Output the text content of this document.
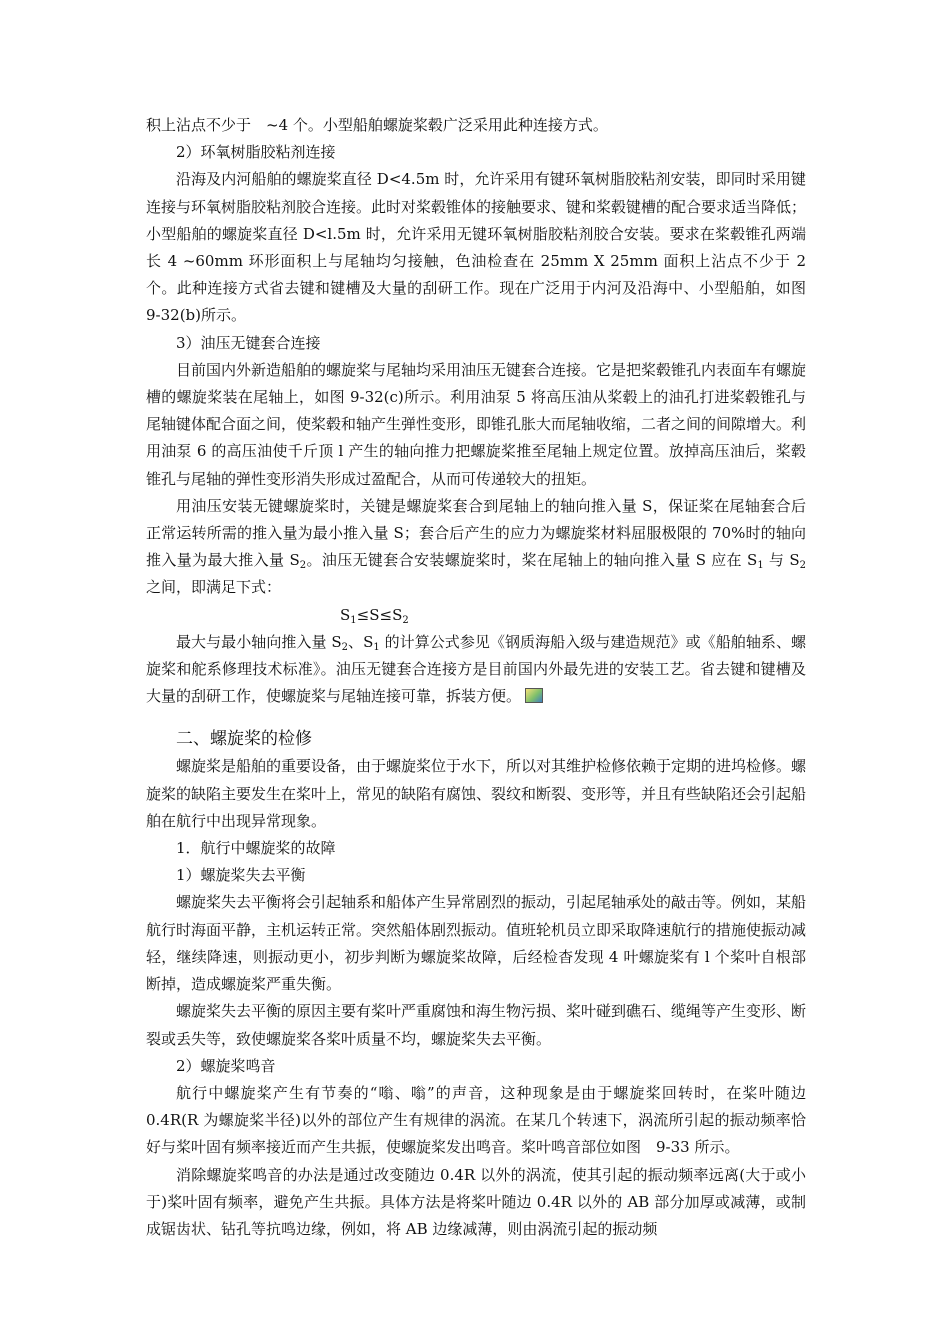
积上沾点不少于　~4 个。小型船舶螺旋桨毂广泛采用此种连接方式。

2）环氧树脂胶粘剂连接

沿海及内河船舶的螺旋桨直径 D<4.5m 时，允许采用有键环氧树脂胶粘剂安装，即同时采用键连接与环氧树脂胶粘剂胶合连接。此时对桨毂锥体的接触要求、键和桨毂键槽的配合要求适当降低；小型船舶的螺旋桨直径 D<l.5m 时，允许采用无键环氧树脂胶粘剂胶合安装。要求在桨毂锥孔两端长 4 ~60mm 环形面积上与尾轴均匀接触，色油检查在 25mm X 25mm 面积上沾点不少于 2 个。此种连接方式省去键和键槽及大量的刮研工作。现在广泛用于内河及沿海中、小型船舶，如图 9-32(b)所示。

3）油压无键套合连接

目前国内外新造船舶的螺旋桨与尾轴均采用油压无键套合连接。它是把桨毂锥孔内表面车有螺旋槽的螺旋桨装在尾轴上，如图 9-32(c)所示。利用油泵 5 将高压油从桨毂上的油孔打进桨毂锥孔与尾轴键体配合面之间，使桨毂和轴产生弹性变形，即锥孔胀大而尾轴收缩，二者之间的间隙增大。利用油泵 6 的高压油使千斤顶 l 产生的轴向推力把螺旋桨推至尾轴上规定位置。放掉高压油后，桨毂锥孔与尾轴的弹性变形消失形成过盈配合，从而可传递较大的扭矩。

用油压安装无键螺旋桨时，关键是螺旋桨套合到尾轴上的轴向推入量 S，保证桨在尾轴套合后正常运转所需的推入量为最小推入量 S；套合后产生的应力为螺旋桨材料屈服极限的 70%时的轴向推入量为最大推入量 $S_2$。油压无键套合安装螺旋桨时，桨在尾轴上的轴向推入量 S 应在 $S_1$ 与 $S_2$ 之间，即满足下式：

$S_1\le S\le S_2$

最大与最小轴向推入量 $S_2$、$S_1$ 的计算公式参见《钢质海船入级与建造规范》或《船舶轴系、螺旋桨和舵系修理技术标准》。油压无键套合连接方是目前国内外最先进的安装工艺。省去键和键槽及大量的刮研工作，使螺旋桨与尾轴连接可靠，拆装方便。

二、螺旋桨的检修

螺旋桨是船舶的重要设备，由于螺旋桨位于水下，所以对其维护检修依赖于定期的进坞检修。螺旋桨的缺陷主要发生在桨叶上，常见的缺陷有腐蚀、裂纹和断裂、变形等，并且有些缺陷还会引起船舶在航行中出现异常现象。

1．航行中螺旋桨的故障

1）螺旋桨失去平衡

螺旋桨失去平衡将会引起轴系和船体产生异常剧烈的振动，引起尾轴承处的敲击等。例如，某船航行时海面平静，主机运转正常。突然船体剧烈振动。值班轮机员立即采取降速航行的措施使振动减轻，继续降速，则振动更小，初步判断为螺旋桨故障，后经检杳发现 4 叶螺旋桨有 l 个桨叶自根部断掉，造成螺旋桨严重失衡。

螺旋桨失去平衡的原因主要有桨叶严重腐蚀和海生物污损、桨叶碰到礁石、缆绳等产生变形、断裂或丢失等，致使螺旋桨各桨叶质量不均，螺旋桨失去平衡。

2）螺旋桨鸣音

航行中螺旋桨产生有节奏的“嗡、嗡”的声音，这种现象是由于螺旋桨回转时，在桨叶随边 0.4R(R 为螺旋桨半径)以外的部位产生有规律的涡流。在某几个转速下，涡流所引起的振动频率恰好与桨叶固有频率接近而产生共振，使螺旋桨发出鸣音。桨叶鸣音部位如图　9-33 所示。

消除螺旋桨鸣音的办法是通过改变随边 0.4R 以外的涡流，使其引起的振动频率远离(大于或小于)桨叶固有频率，避免产生共振。具体方法是将桨叶随边 0.4R 以外的 AB 部分加厚或减薄，或制成锯齿状、钻孔等抗鸣边缘，例如，将 AB 边缘减薄，则由涡流引起的振动频
